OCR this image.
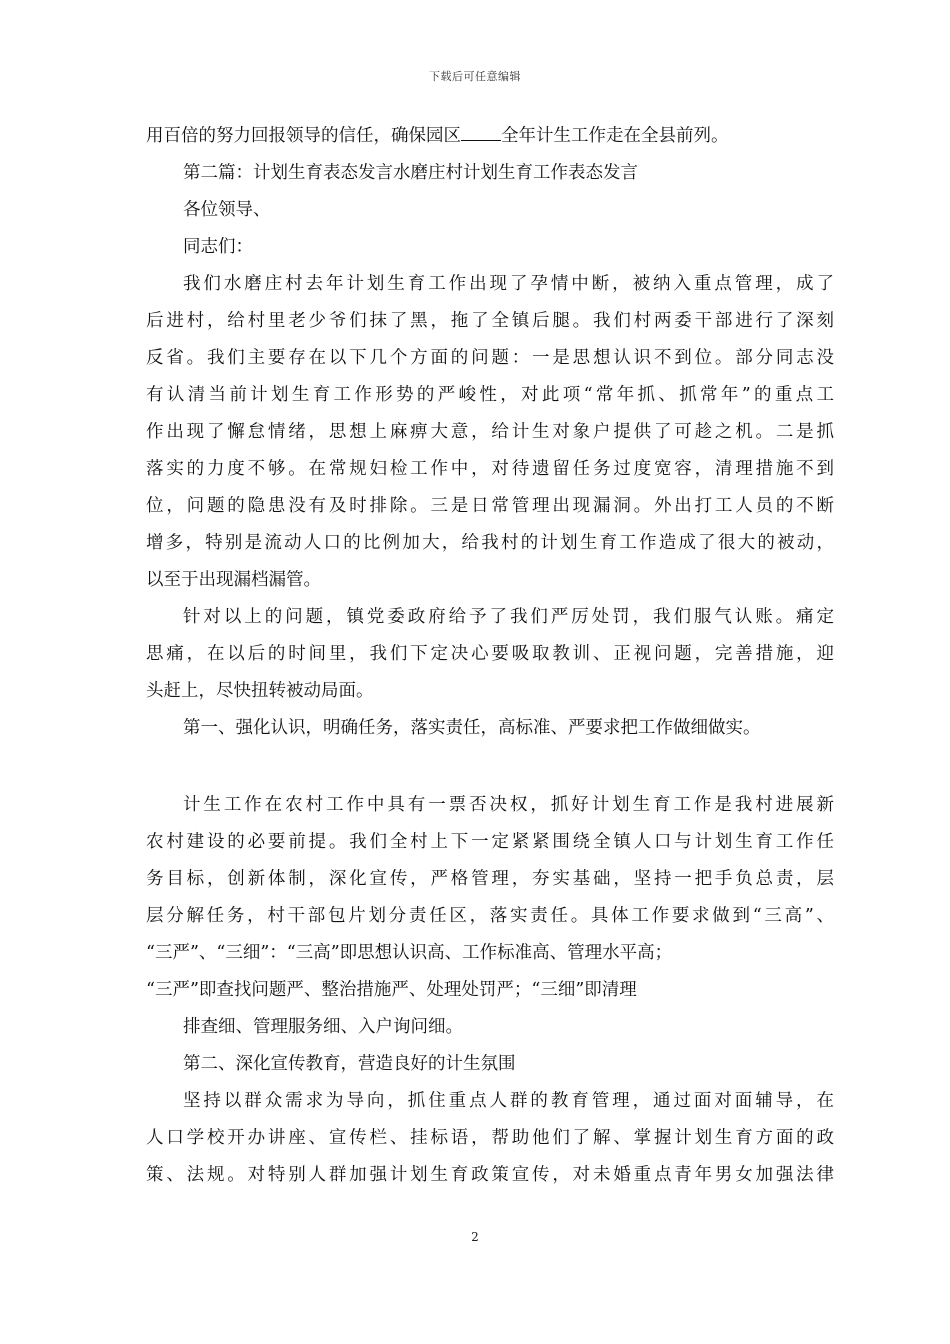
下载后可任意编辑
用百倍的努力回报领导的信任，确保园区 全年计生工作走在全县前列。
第二篇：计划生育表态发言水磨庄村计划生育工作表态发言
各位领导、
同志们：
我们水磨庄村去年计划生育工作出现了孕情中断，被纳入重点管理，成了
后进村，给村里老少爷们抹了黑，拖了全镇后腿。我们村两委干部进行了深刻
反省。我们主要存在以下几个方面的问题：一是思想认识不到位。部分同志没
有认清当前计划生育工作形势的严峻性，对此项“常年抓、抓常年”的重点工
作出现了懈怠情绪，思想上麻痹大意，给计生对象户提供了可趁之机。二是抓
落实的力度不够。在常规妇检工作中，对待遗留任务过度宽容，清理措施不到
位，问题的隐患没有及时排除。三是日常管理出现漏洞。外出打工人员的不断
增多，特别是流动人口的比例加大，给我村的计划生育工作造成了很大的被动，
以至于出现漏档漏管。
针对以上的问题，镇党委政府给予了我们严厉处罚，我们服气认账。痛定
思痛，在以后的时间里，我们下定决心要吸取教训、正视问题，完善措施，迎
头赶上，尽快扭转被动局面。
第一、强化认识，明确任务，落实责任，高标准、严要求把工作做细做实。
计生工作在农村工作中具有一票否决权，抓好计划生育工作是我村进展新
农村建设的必要前提。我们全村上下一定紧紧围绕全镇人口与计划生育工作任
务目标，创新体制，深化宣传，严格管理，夯实基础，坚持一把手负总责，层
层分解任务，村干部包片划分责任区，落实责任。具体工作要求做到“三高”、
“三严”、“三细”：“三高”即思想认识高、工作标准高、管理水平高；
“三严”即查找问题严、整治措施严、处理处罚严；“三细”即清理
排查细、管理服务细、入户询问细。
第二、深化宣传教育，营造良好的计生氛围
坚持以群众需求为导向，抓住重点人群的教育管理，通过面对面辅导，在
人口学校开办讲座、宣传栏、挂标语，帮助他们了解、掌握计划生育方面的政
策、法规。对特别人群加强计划生育政策宣传，对未婚重点青年男女加强法律
2
